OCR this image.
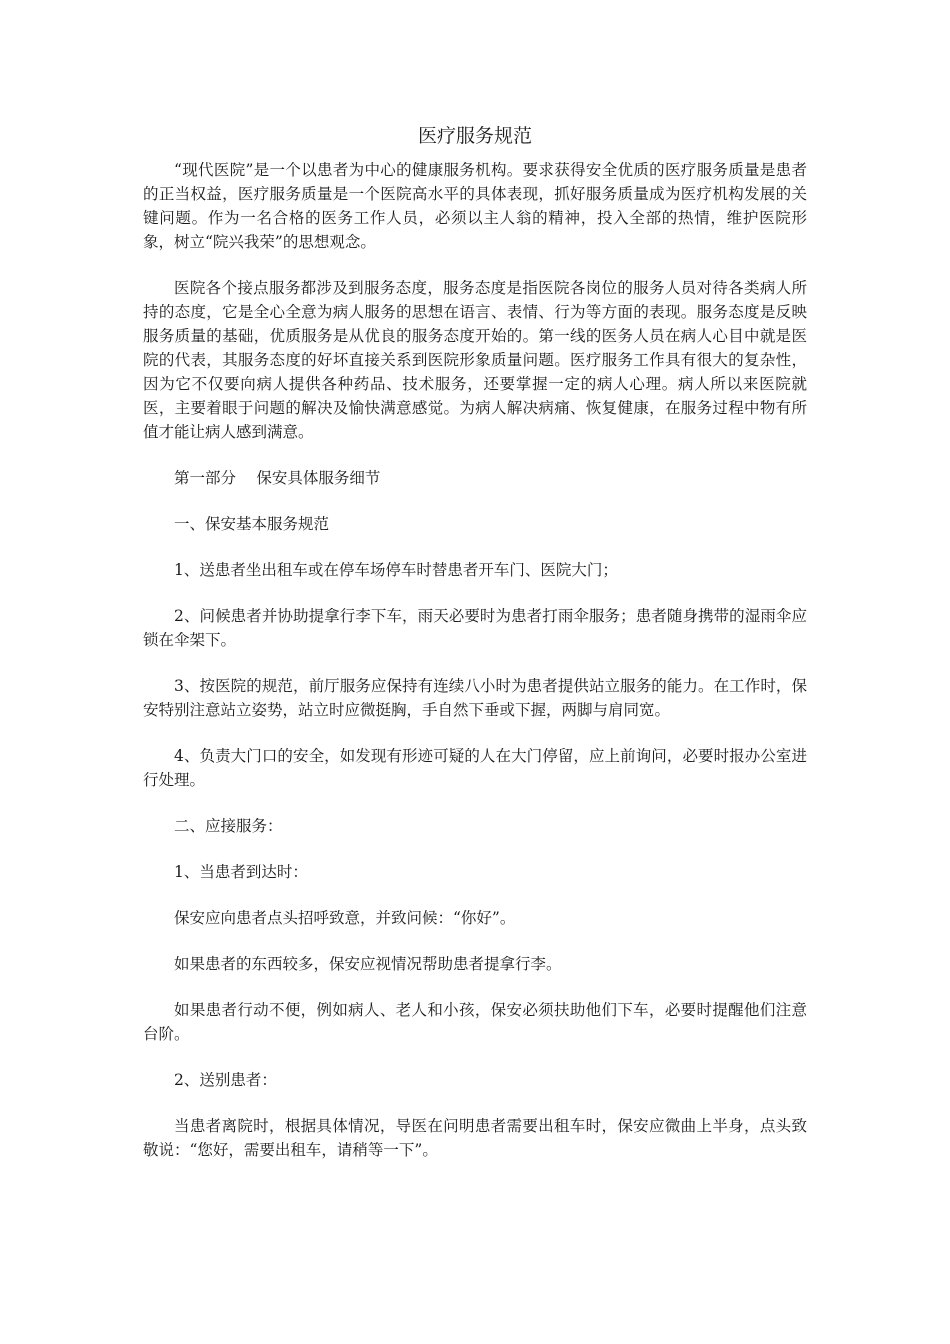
医疗服务规范

“现代医院”是一个以患者为中心的健康服务机构。要求获得安全优质的医疗服务质量是患者的正当权益，医疗服务质量是一个医院高水平的具体表现，抓好服务质量成为医疗机构发展的关键问题。作为一名合格的医务工作人员，必须以主人翁的精神，投入全部的热情，维护医院形象，树立“院兴我荣”的思想观念。

医院各个接点服务都涉及到服务态度，服务态度是指医院各岗位的服务人员对待各类病人所持的态度，它是全心全意为病人服务的思想在语言、表情、行为等方面的表现。服务态度是反映服务质量的基础，优质服务是从优良的服务态度开始的。第一线的医务人员在病人心目中就是医院的代表，其服务态度的好坏直接关系到医院形象质量问题。医疗服务工作具有很大的复杂性，因为它不仅要向病人提供各种药品、技术服务，还要掌握一定的病人心理。病人所以来医院就医，主要着眼于问题的解决及愉快满意感觉。为病人解决病痛、恢复健康，在服务过程中物有所值才能让病人感到满意。

第一部分　 保安具体服务细节

一、保安基本服务规范

1、送患者坐出租车或在停车场停车时替患者开车门、医院大门；

2、问候患者并协助提拿行李下车，雨天必要时为患者打雨伞服务；患者随身携带的湿雨伞应锁在伞架下。

3、按医院的规范，前厅服务应保持有连续八小时为患者提供站立服务的能力。在工作时，保安特别注意站立姿势，站立时应微挺胸，手自然下垂或下握，两脚与肩同宽。

4、负责大门口的安全，如发现有形迹可疑的人在大门停留，应上前询问，必要时报办公室进行处理。

二、应接服务：

1、当患者到达时：

保安应向患者点头招呼致意，并致问候：“你好”。

如果患者的东西较多，保安应视情况帮助患者提拿行李。

如果患者行动不便，例如病人、老人和小孩，保安必须扶助他们下车，必要时提醒他们注意台阶。

2、送别患者：

当患者离院时，根据具体情况，导医在问明患者需要出租车时，保安应微曲上半身，点头致敬说：“您好，需要出租车，请稍等一下”。
